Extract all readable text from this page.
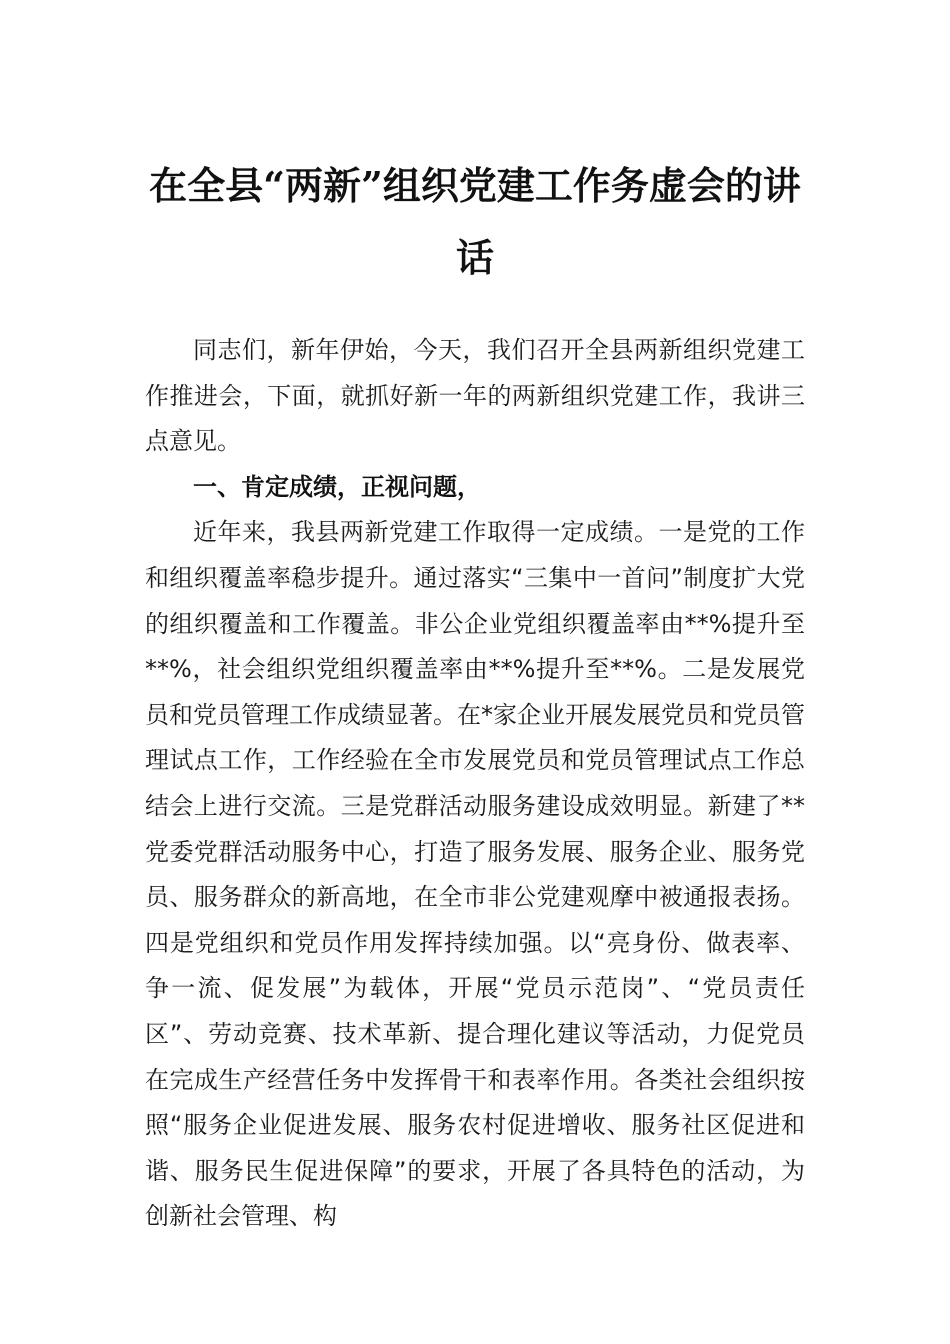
在全县“两新”组织党建工作务虚会的讲话

同志们，新年伊始，今天，我们召开全县两新组织党建工作推进会，下面，就抓好新一年的两新组织党建工作，我讲三点意见。

一、肯定成绩，正视问题，

近年来，我县两新党建工作取得一定成绩。一是党的工作和组织覆盖率稳步提升。通过落实“三集中一首问”制度扩大党的组织覆盖和工作覆盖。非公企业党组织覆盖率由**%提升至**%，社会组织党组织覆盖率由**%提升至**%。二是发展党员和党员管理工作成绩显著。在*家企业开展发展党员和党员管理试点工作，工作经验在全市发展党员和党员管理试点工作总结会上进行交流。三是党群活动服务建设成效明显。新建了**党委党群活动服务中心，打造了服务发展、服务企业、服务党员、服务群众的新高地，在全市非公党建观摩中被通报表扬。四是党组织和党员作用发挥持续加强。以“亮身份、做表率、争一流、促发展”为载体，开展“党员示范岗”、“党员责任区”、劳动竞赛、技术革新、提合理化建议等活动，力促党员在完成生产经营任务中发挥骨干和表率作用。各类社会组织按照“服务企业促进发展、服务农村促进增收、服务社区促进和谐、服务民生促进保障”的要求，开展了各具特色的活动，为创新社会管理、构
